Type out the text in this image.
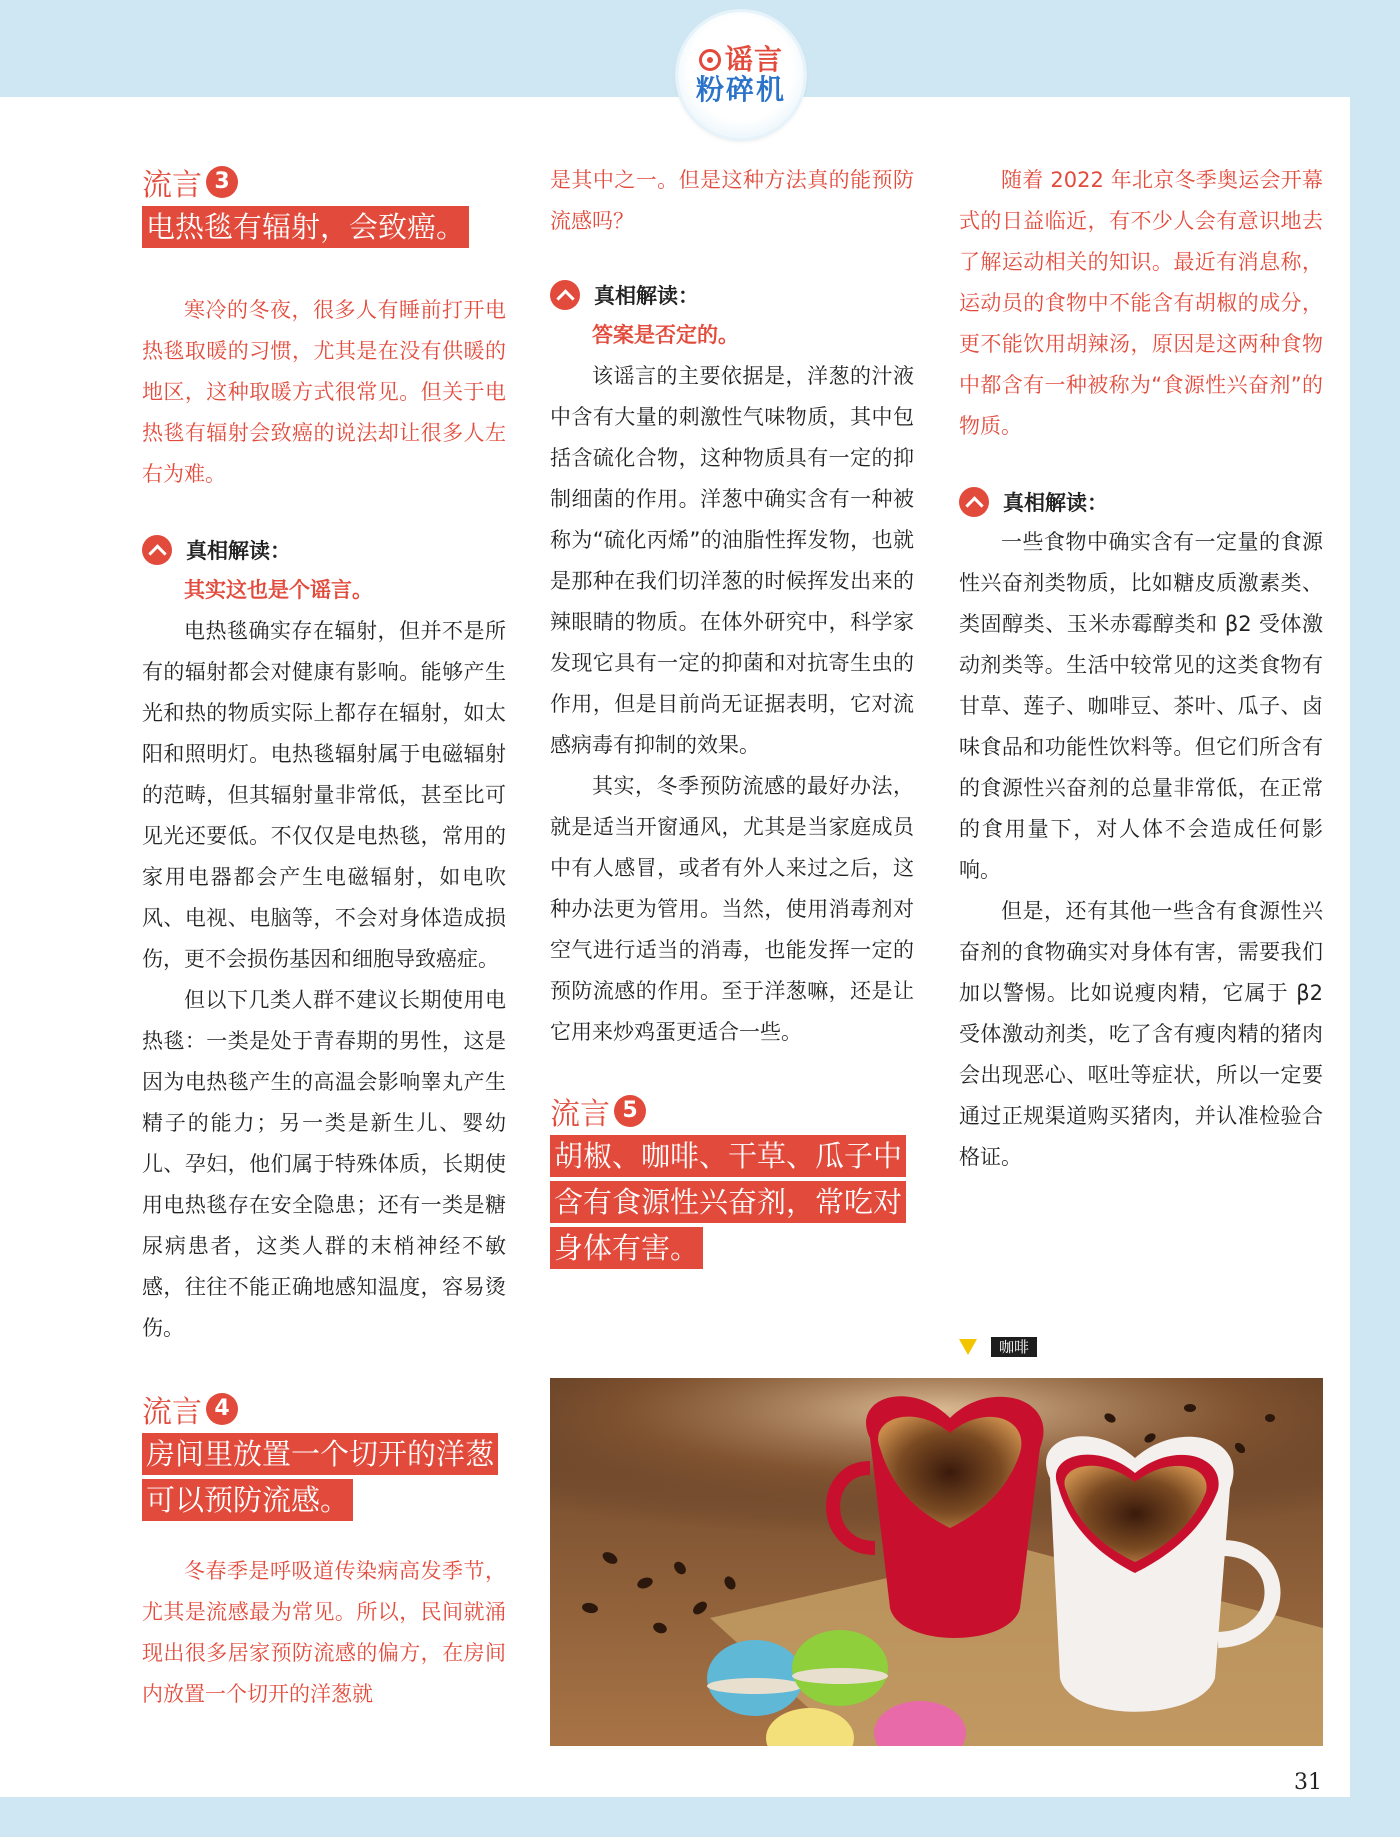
谣言
粉碎机
流言 3
电热毯有辐射，会致癌。

寒冷的冬夜，很多人有睡前打开电热毯取暖的习惯，尤其是在没有供暖的地区，这种取暖方式很常见。但关于电热毯有辐射会致癌的说法却让很多人左右为难。

真相解读：

其实这也是个谣言。

电热毯确实存在辐射，但并不是所有的辐射都会对健康有影响。能够产生光和热的物质实际上都存在辐射，如太阳和照明灯。电热毯辐射属于电磁辐射的范畴，但其辐射量非常低，甚至比可见光还要低。不仅仅是电热毯，常用的家用电器都会产生电磁辐射，如电吹风、电视、电脑等，不会对身体造成损伤，更不会损伤基因和细胞导致癌症。

但以下几类人群不建议长期使用电热毯：一类是处于青春期的男性，这是因为电热毯产生的高温会影响睾丸产生精子的能力；另一类是新生儿、婴幼儿、孕妇，他们属于特殊体质，长期使用电热毯存在安全隐患；还有一类是糖尿病患者，这类人群的末梢神经不敏感，往往不能正确地感知温度，容易烫伤。

流言 4
房间里放置一个切开的洋葱
可以预防流感。

冬春季是呼吸道传染病高发季节，尤其是流感最为常见。所以，民间就涌现出很多居家预防流感的偏方，在房间内放置一个切开的洋葱就

是其中之一。但是这种方法真的能预防流感吗？

真相解读：

答案是否定的。

该谣言的主要依据是，洋葱的汁液中含有大量的刺激性气味物质，其中包括含硫化合物，这种物质具有一定的抑制细菌的作用。洋葱中确实含有一种被称为“硫化丙烯”的油脂性挥发物，也就是那种在我们切洋葱的时候挥发出来的辣眼睛的物质。在体外研究中，科学家发现它具有一定的抑菌和对抗寄生虫的作用，但是目前尚无证据表明，它对流感病毒有抑制的效果。

其实，冬季预防流感的最好办法，就是适当开窗通风，尤其是当家庭成员中有人感冒，或者有外人来过之后，这种办法更为管用。当然，使用消毒剂对空气进行适当的消毒，也能发挥一定的预防流感的作用。至于洋葱嘛，还是让它用来炒鸡蛋更适合一些。

流言 5
胡椒、咖啡、干草、瓜子中
含有食源性兴奋剂，常吃对
身体有害。

随着 2022 年北京冬季奥运会开幕式的日益临近，有不少人会有意识地去了解运动相关的知识。最近有消息称，运动员的食物中不能含有胡椒的成分，更不能饮用胡辣汤，原因是这两种食物中都含有一种被称为“食源性兴奋剂”的物质。

真相解读：

一些食物中确实含有一定量的食源性兴奋剂类物质，比如糖皮质激素类、类固醇类、玉米赤霉醇类和 β2 受体激动剂类等。生活中较常见的这类食物有甘草、莲子、咖啡豆、茶叶、瓜子、卤味食品和功能性饮料等。但它们所含有的食源性兴奋剂的总量非常低，在正常的食用量下，对人体不会造成任何影响。

但是，还有其他一些含有食源性兴奋剂的食物确实对身体有害，需要我们加以警惕。比如说瘦肉精，它属于 β2 受体激动剂类，吃了含有瘦肉精的猪肉会出现恶心、呕吐等症状，所以一定要通过正规渠道购买猪肉，并认准检验合格证。

咖啡
31
